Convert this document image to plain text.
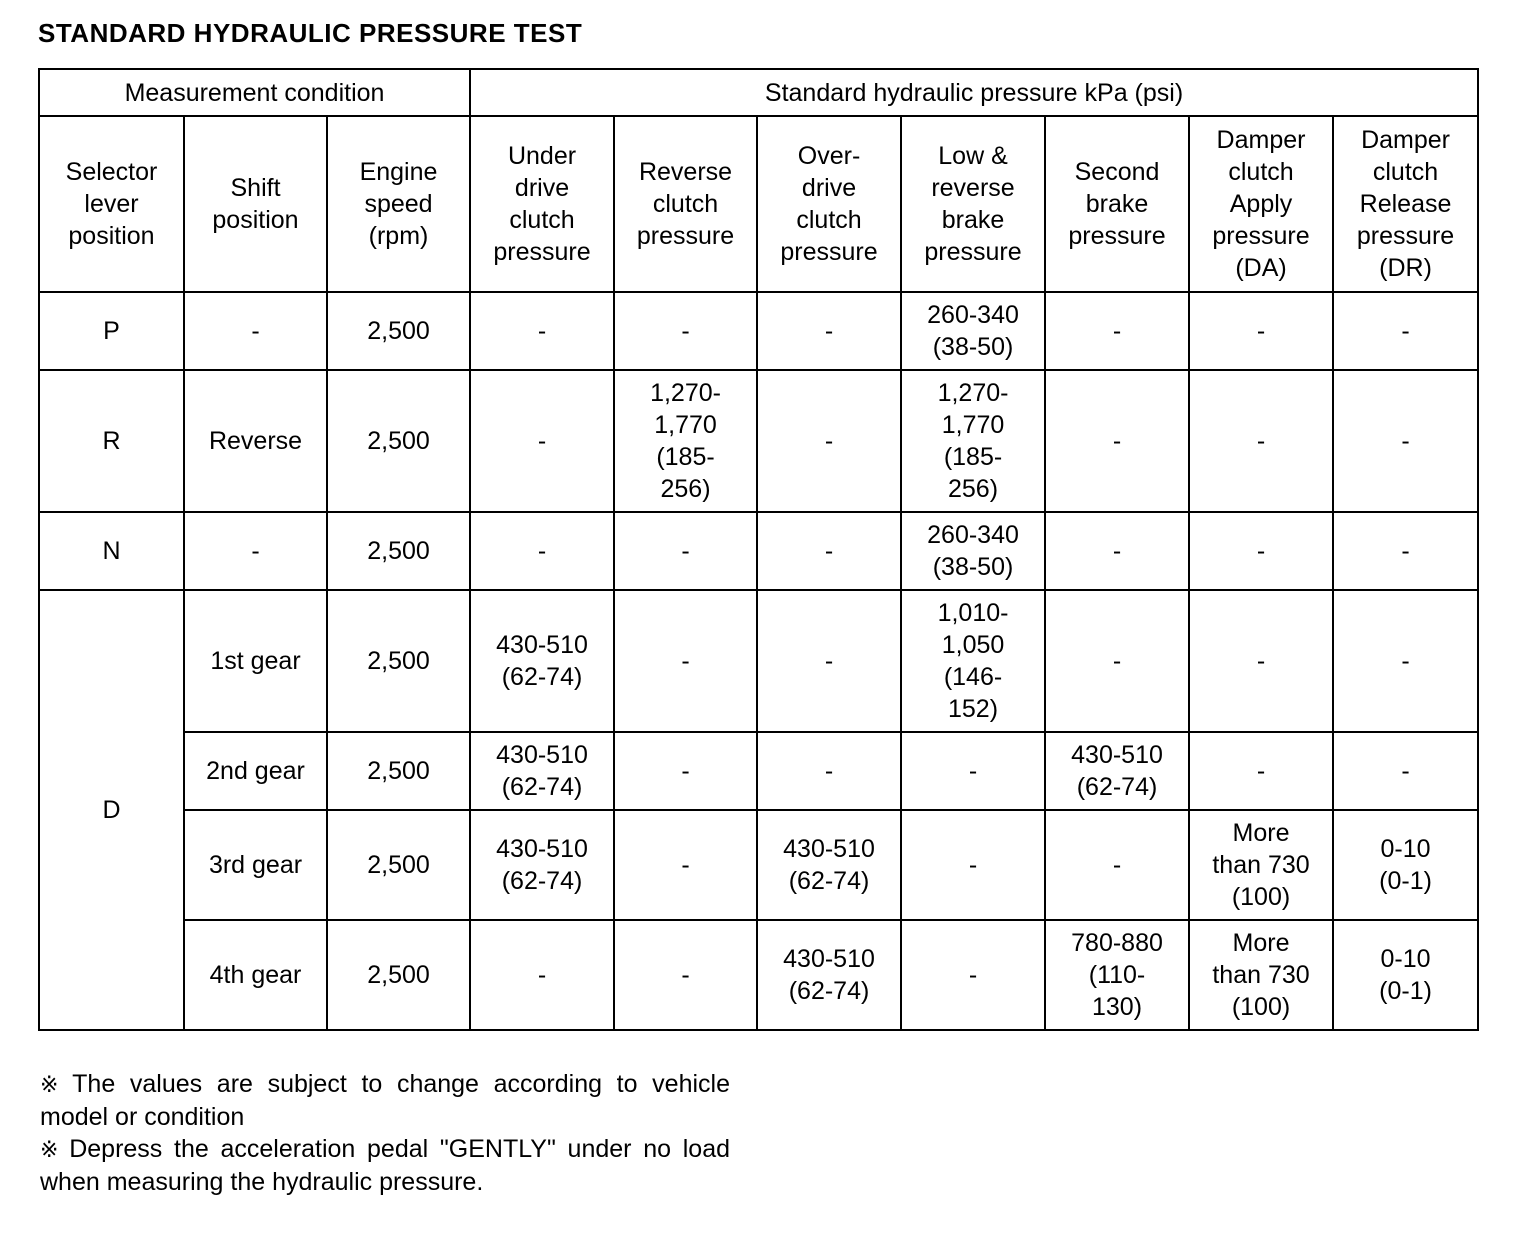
STANDARD HYDRAULIC PRESSURE TEST
Measurement condition			Standard hydraulic pressure kPa (psi)						
Selector
lever
position	Shift
position	Engine
speed
(rpm)	Under
drive
clutch
pressure	Reverse
clutch
pressure	Over-
drive
clutch
pressure	Low &
reverse
brake
pressure	Second
brake
pressure	Damper
clutch
Apply
pressure
(DA)	Damper
clutch
Release
pressure
(DR)
P	-	2,500	-	-	-	260-340
(38-50)	-	-	-
R	Reverse	2,500	-	1,270-
1,770
(185-
256)	-	1,270-
1,770
(185-
256)	-	-	-
N	-	2,500	-	-	-	260-340
(38-50)	-	-	-
D	1st gear	2,500	430-510
(62-74)	-	-	1,010-
1,050
(146-
152)	-	-	-
	2nd gear	2,500	430-510
(62-74)	-	-	-	430-510
(62-74)	-	-
	3rd gear	2,500	430-510
(62-74)	-	430-510
(62-74)	-	-	More
than 730
(100)	0-10
(0-1)
	4th gear	2,500	-	-	430-510
(62-74)	-	780-880
(110-
130)	More
than 730
(100)	0-10
(0-1)

※ The values are subject to change according to vehicle model or condition

※ Depress the acceleration pedal "GENTLY" under no load when measuring the hydraulic pressure.
